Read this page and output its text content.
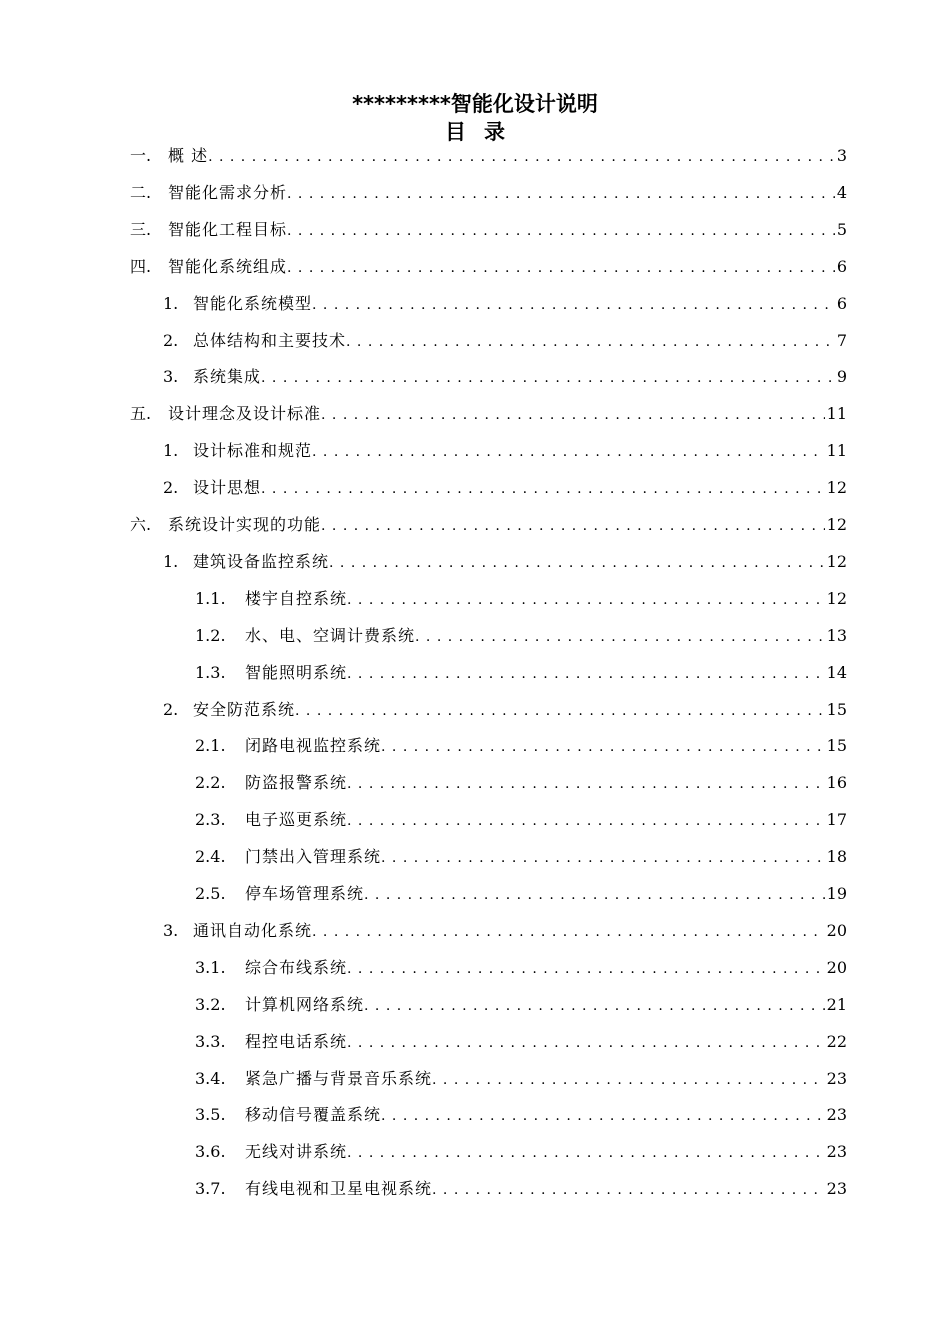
*********智能化设计说明
目录
一.	概 述 . . .	3
二.	智能化需求分析 . . .	4
三.	智能化工程目标 . . .	5
四.	智能化系统组成 . . .	6
1. 智能化系统模型 . . .	6
2. 总体结构和主要技术 . . .	7
3. 系统集成 . . .	9
五.	设计理念及设计标准 . . .	11
1. 设计标准和规范 . . .	11
2. 设计思想 . . .	12
六.	系统设计实现的功能 . . .	12
1. 建筑设备监控系统 . . .	12
1.1.	楼宇自控系统 . . .	12
1.2.	水、电、空调计费系统 . . .	13
1.3.	智能照明系统 . . .	14
2. 安全防范系统 . . .	15
2.1.	闭路电视监控系统 . . .	15
2.2.	防盗报警系统 . . .	16
2.3.	电子巡更系统 . . .	17
2.4.	门禁出入管理系统 . . .	18
2.5.	停车场管理系统 . . .	19
3. 通讯自动化系统 . . .	20
3.1.	综合布线系统 . . .	20
3.2.	计算机网络系统 . . .	21
3.3.	程控电话系统 . . .	22
3.4.	紧急广播与背景音乐系统 . . .	23
3.5.	移动信号覆盖系统 . . .	23
3.6.	无线对讲系统 . . .	23
3.7.	有线电视和卫星电视系统 . . .	23
